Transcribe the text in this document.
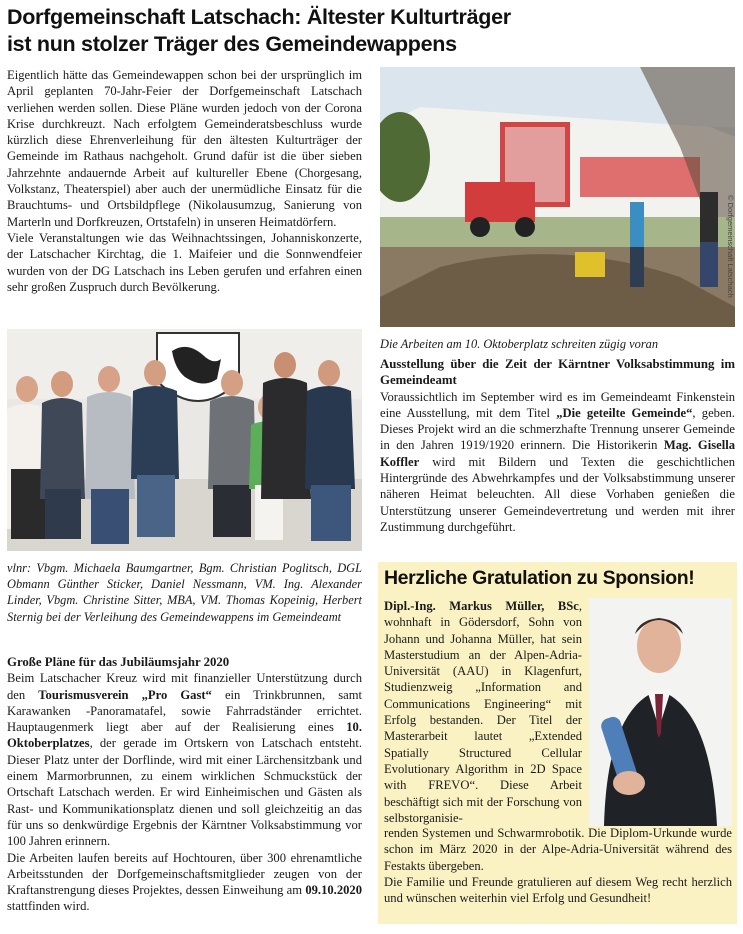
Dorfgemeinschaft Latschach: Ältester Kulturträger
ist nun stolzer Träger des Gemeindewappens
Eigentlich hätte das Gemeindewappen schon bei der ursprünglich im April geplanten 70-Jahr-Feier der Dorfgemeinschaft Latschach verliehen werden sollen. Diese Pläne wurden jedoch von der Corona Krise durchkreuzt. Nach erfolgtem Gemeinderatsbeschluss wurde kürzlich diese Ehrenverleihung für den ältesten Kulturträger der Gemeinde im Rathaus nachgeholt. Grund dafür ist die über sieben Jahrzehnte andauernde Arbeit auf kultureller Ebene (Chorgesang, Volkstanz, Theaterspiel) aber auch der unermüdliche Einsatz für die Brauchtums- und Ortsbildpflege (Nikolausumzug, Sanierung von Marterln und Dorfkreuzen, Ortstafeln) in unseren Heimatdörfern.
Viele Veranstaltungen wie das Weihnachtssingen, Johanniskonzerte, der Latschacher Kirchtag, die 1. Maifeier und die Sonnwendfeier wurden von der DG Latschach ins Leben gerufen und erfahren einen sehr großen Zuspruch durch Bevölkerung.
vlnr: Vbgm. Michaela Baumgartner, Bgm. Christian Poglitsch, DGL Obmann Günther Sticker, Daniel Nessmann, VM. Ing. Alexander Linder, Vbgm. Christine Sitter, MBA, VM. Thomas Kopeinig, Herbert Sternig bei der Verleihung des Gemeindewappens im Gemeindeamt
Große Pläne für das Jubiläumsjahr 2020
Beim Latschacher Kreuz wird mit finanzieller Unterstützung durch den Tourismusverein „Pro Gast“ ein Trinkbrunnen, samt Karawanken -Panoramatafel, sowie Fahrradständer errichtet. Hauptaugenmerk liegt aber auf der Realisierung eines 10. Oktoberplatzes, der gerade im Ortskern von Latschach entsteht. Dieser Platz unter der Dorflinde, wird mit einer Lärchensitzbank und einem Marmorbrunnen, zu einem wirklichen Schmuckstück der Ortschaft Latschach werden. Er wird Einheimischen und Gästen als Rast- und Kommunikationsplatz dienen und soll gleichzeitig an das für uns so denkwürdige Ergebnis der Kärntner Volksabstimmung vor 100 Jahren erinnern.
Die Arbeiten laufen bereits auf Hochtouren, über 300 ehrenamtliche Arbeitsstunden der Dorfgemeinschaftsmitglieder zeugen von der Kraftanstrengung dieses Projektes, dessen Einweihung am 09.10.2020 stattfinden wird.
© Dorfgemeinschaft Latschach
Die Arbeiten am 10. Oktoberplatz schreiten zügig voran
Ausstellung über die Zeit der Kärntner Volksabstimmung im Gemeindeamt
Voraussichtlich im September wird es im Gemeindeamt Finkenstein eine Ausstellung, mit dem Titel „Die geteilte Gemeinde“, geben. Dieses Projekt wird an die schmerzhafte Trennung unserer Gemeinde in den Jahren 1919/1920 erinnern. Die Historikerin Mag. Gisella Koffler wird mit Bildern und Texten die geschichtlichen Hintergründe des Abwehrkampfes und der Volksabstimmung unserer näheren Heimat beleuchten. All diese Vorhaben genießen die Unterstützung unserer Gemeindevertretung und werden mit ihrer Zustimmung durchgeführt.
Herzliche Gratulation zu Sponsion!
Dipl.-Ing. Markus Müller, BSc, wohnhaft in Gödersdorf, Sohn von Johann und Johanna Müller, hat sein Masterstudium an der Alpen-Adria-Universität (AAU) in Klagenfurt, Studienzweig „Information and Communications Engineering“ mit Erfolg bestanden. Der Titel der Masterarbeit lautet „Extended Spatially Structured Cellular Evolutionary Algorithm in 2D Space with FREVO“. Diese Arbeit beschäftigt sich mit der Forschung von selbstorganisie-
renden Systemen und Schwarmrobotik. Die Diplom-Urkunde wurde schon im März 2020 in der Alpe-Adria-Universität während des Festakts übergeben.
Die Familie und Freunde gratulieren auf diesem Weg recht herzlich und wünschen weiterhin viel Erfolg und Gesundheit!
